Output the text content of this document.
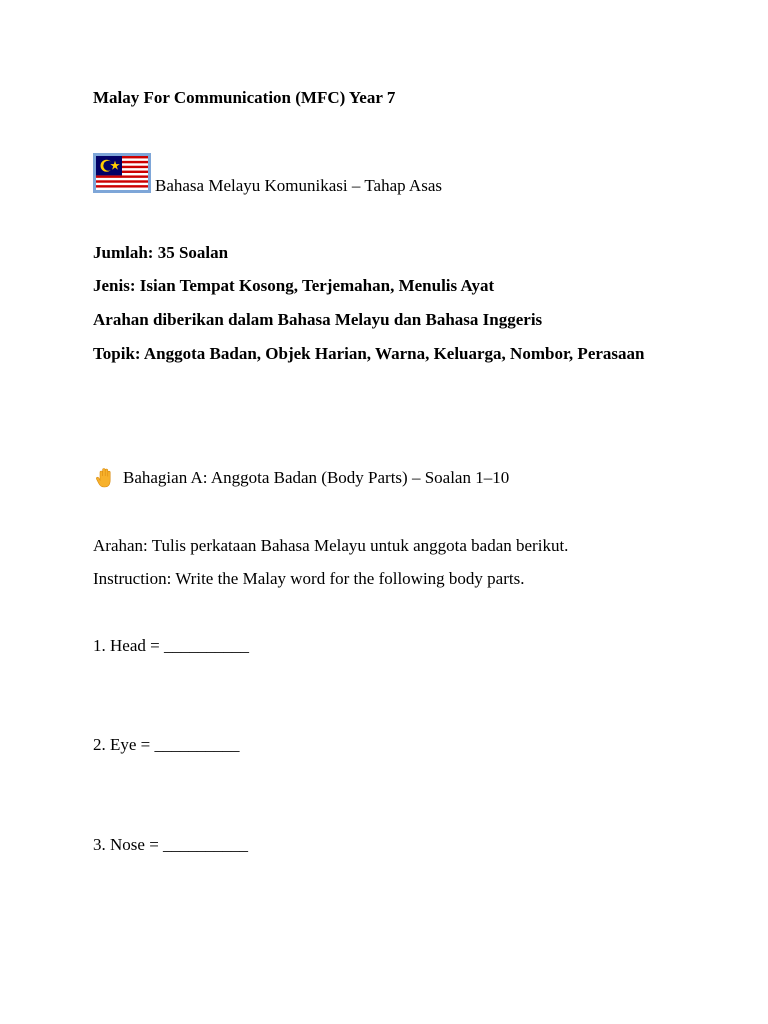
Malay For Communication (MFC) Year 7
Bahasa Melayu Komunikasi – Tahap Asas
Jumlah: 35 Soalan
Jenis: Isian Tempat Kosong, Terjemahan, Menulis Ayat
Arahan diberikan dalam Bahasa Melayu dan Bahasa Inggeris
Topik: Anggota Badan, Objek Harian, Warna, Keluarga, Nombor, Perasaan
Bahagian A: Anggota Badan (Body Parts) – Soalan 1–10
Arahan: Tulis perkataan Bahasa Melayu untuk anggota badan berikut.
Instruction: Write the Malay word for the following body parts.
1. Head = __________
2. Eye = __________
3. Nose = __________
